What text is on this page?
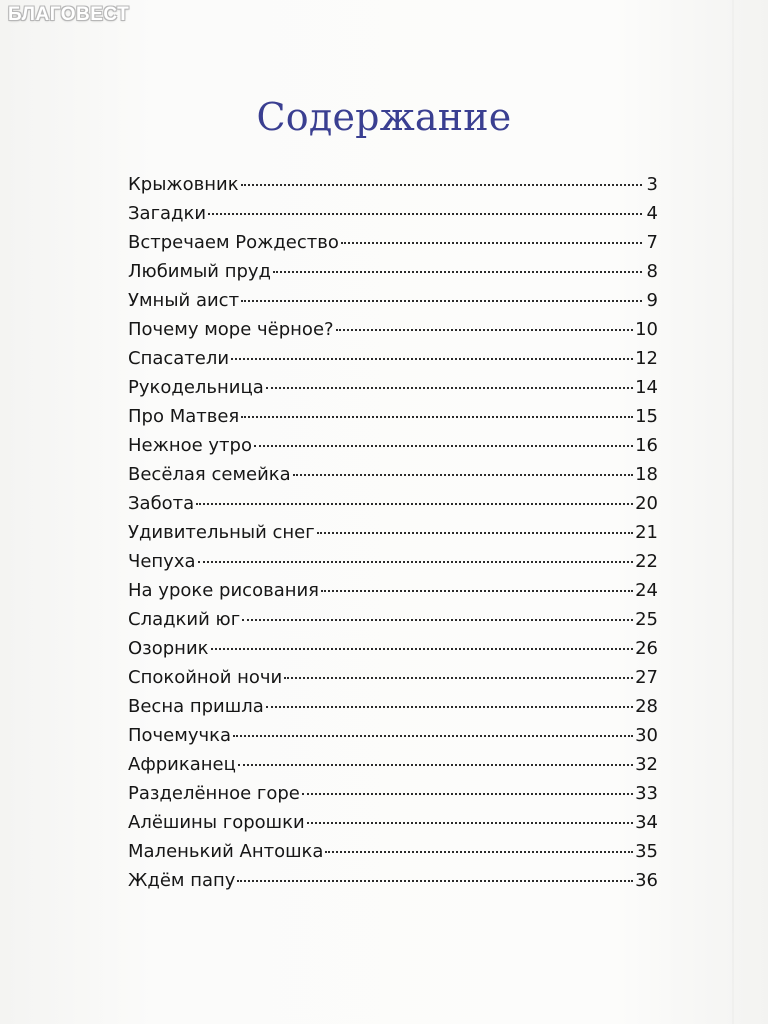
БЛАГОВЕСТ
Содержание
Крыжовник	3
Загадки	4
Встречаем Рождество	7
Любимый пруд	8
Умный аист	9
Почему море чёрное?	10
Спасатели	12
Рукодельница	14
Про Матвея	15
Нежное утро	16
Весёлая семейка	18
Забота	20
Удивительный снег	21
Чепуха	22
На уроке рисования	24
Сладкий юг	25
Озорник	26
Спокойной ночи	27
Весна пришла	28
Почемучка	30
Африканец	32
Разделённое горе	33
Алёшины горошки	34
Маленький Антошка	35
Ждём папу	36
